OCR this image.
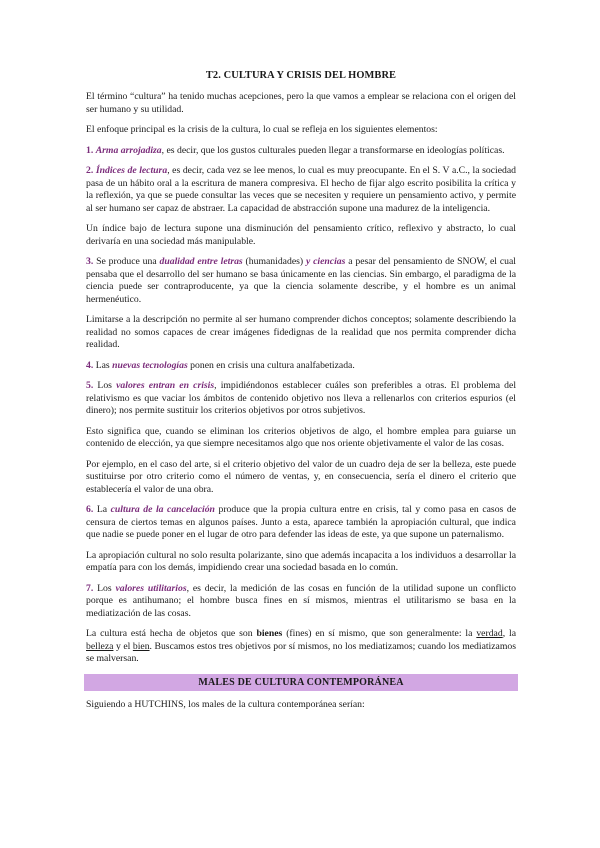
T2. CULTURA Y CRISIS DEL HOMBRE

El término “cultura” ha tenido muchas acepciones, pero la que vamos a emplear se relaciona con el origen del ser humano y su utilidad.

El enfoque principal es la crisis de la cultura, lo cual se refleja en los siguientes elementos:

1. Arma arrojadiza, es decir, que los gustos culturales pueden llegar a transformarse en ideologías políticas.

2. Índices de lectura, es decir, cada vez se lee menos, lo cual es muy preocupante. En el S. V a.C., la sociedad pasa de un hábito oral a la escritura de manera compresiva. El hecho de fijar algo escrito posibilita la crítica y la reflexión, ya que se puede consultar las veces que se necesiten y requiere un pensamiento activo, y permite al ser humano ser capaz de abstraer. La capacidad de abstracción supone una madurez de la inteligencia.

Un índice bajo de lectura supone una disminución del pensamiento crítico, reflexivo y abstracto, lo cual derivaría en una sociedad más manipulable.

3. Se produce una dualidad entre letras (humanidades) y ciencias a pesar del pensamiento de SNOW, el cual pensaba que el desarrollo del ser humano se basa únicamente en las ciencias. Sin embargo, el paradigma de la ciencia puede ser contraproducente, ya que la ciencia solamente describe, y el hombre es un animal hermenéutico.

Limitarse a la descripción no permite al ser humano comprender dichos conceptos; solamente describiendo la realidad no somos capaces de crear imágenes fidedignas de la realidad que nos permita comprender dicha realidad.

4. Las nuevas tecnologías ponen en crisis una cultura analfabetizada.

5. Los valores entran en crisis, impidiéndonos establecer cuáles son preferibles a otras. El problema del relativismo es que vaciar los ámbitos de contenido objetivo nos lleva a rellenarlos con criterios espurios (el dinero); nos permite sustituir los criterios objetivos por otros subjetivos.

Esto significa que, cuando se eliminan los criterios objetivos de algo, el hombre emplea para guiarse un contenido de elección, ya que siempre necesitamos algo que nos oriente objetivamente el valor de las cosas.

Por ejemplo, en el caso del arte, si el criterio objetivo del valor de un cuadro deja de ser la belleza, este puede sustituirse por otro criterio como el número de ventas, y, en consecuencia, sería el dinero el criterio que establecería el valor de una obra.

6. La cultura de la cancelación produce que la propia cultura entre en crisis, tal y como pasa en casos de censura de ciertos temas en algunos países. Junto a esta, aparece también la apropiación cultural, que indica que nadie se puede poner en el lugar de otro para defender las ideas de este, ya que supone un paternalismo.

La apropiación cultural no solo resulta polarizante, sino que además incapacita a los individuos a desarrollar la empatía para con los demás, impidiendo crear una sociedad basada en lo común.

7. Los valores utilitarios, es decir, la medición de las cosas en función de la utilidad supone un conflicto porque es antihumano; el hombre busca fines en sí mismos, mientras el utilitarismo se basa en la mediatización de las cosas.

La cultura está hecha de objetos que son bienes (fines) en sí mismo, que son generalmente: la verdad, la belleza y el bien. Buscamos estos tres objetivos por sí mismos, no los mediatizamos; cuando los mediatizamos se malversan.

MALES DE CULTURA CONTEMPORÁNEA

Siguiendo a HUTCHINS, los males de la cultura contemporánea serían:
